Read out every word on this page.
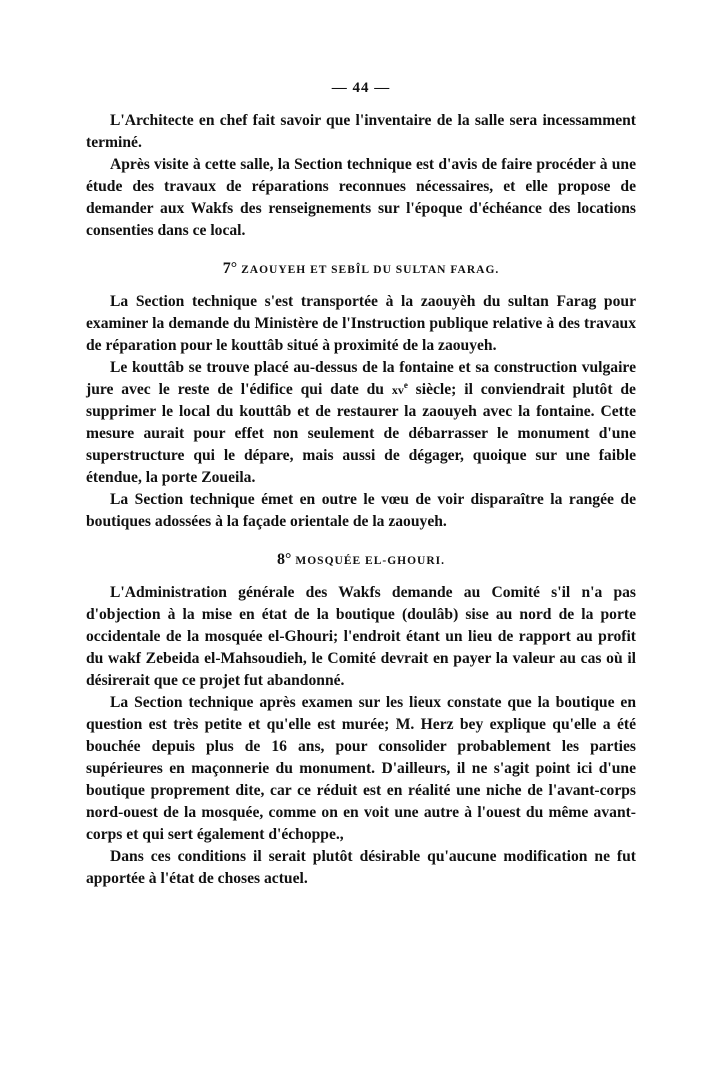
— 44 —

L'Architecte en chef fait savoir que l'inventaire de la salle sera incessamment terminé.

Après visite à cette salle, la Section technique est d'avis de faire procéder à une étude des travaux de réparations reconnues nécessaires, et elle propose de demander aux Wakfs des renseignements sur l'époque d'échéance des locations consenties dans ce local.

7° ZAOUYEH ET SEBÎL DU SULTAN FARAG.

La Section technique s'est transportée à la zaouyèh du sultan Farag pour examiner la demande du Ministère de l'Instruction publique relative à des travaux de réparation pour le kouttâb situé à proximité de la zaouyeh.

Le kouttâb se trouve placé au-dessus de la fontaine et sa construction vulgaire jure avec le reste de l'édifice qui date du $xv^e$ siècle; il conviendrait plutôt de supprimer le local du kouttâb et de restaurer la zaouyeh avec la fontaine. Cette mesure aurait pour effet non seulement de débarrasser le monument d'une superstructure qui le dépare, mais aussi de dégager, quoique sur une faible étendue, la porte Zoueila.

La Section technique émet en outre le vœu de voir disparaître la rangée de boutiques adossées à la façade orientale de la zaouyeh.

8° MOSQUÉE EL-GHOURI.

L'Administration générale des Wakfs demande au Comité s'il n'a pas d'objection à la mise en état de la boutique (doulâb) sise au nord de la porte occidentale de la mosquée el-Ghouri; l'endroit étant un lieu de rapport au profit du wakf Zebeida el-Mahsoudieh, le Comité devrait en payer la valeur au cas où il désirerait que ce projet fut abandonné.

La Section technique après examen sur les lieux constate que la boutique en question est très petite et qu'elle est murée; M. Herz bey explique qu'elle a été bouchée depuis plus de 16 ans, pour consolider probablement les parties supérieures en maçonnerie du monument. D'ailleurs, il ne s'agit point ici d'une boutique proprement dite, car ce réduit est en réalité une niche de l'avant-corps nord-ouest de la mosquée, comme on en voit une autre à l'ouest du même avant-corps et qui sert également d'échoppe.,

Dans ces conditions il serait plutôt désirable qu'aucune modification ne fut apportée à l'état de choses actuel.
